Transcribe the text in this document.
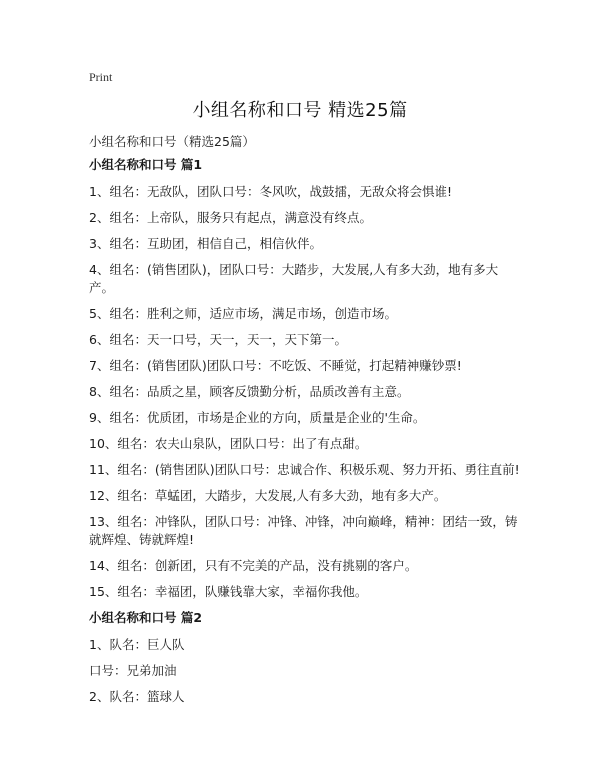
Print
小组名称和口号 精选25篇
小组名称和口号（精选25篇）
小组名称和口号 篇1
1、组名：无敌队，团队口号：冬风吹，战鼓擂，无敌众将会惧谁!
2、组名：上帝队，服务只有起点，满意没有终点。
3、组名：互助团，相信自己，相信伙伴。
4、组名：(销售团队)，团队口号：大踏步，大发展,人有多大劲，地有多大产。
5、组名：胜利之师，适应市场，满足市场，创造市场。
6、组名：天一口号，天一，天一，天下第一。
7、组名：(销售团队)团队口号：不吃饭、不睡觉，打起精神赚钞票!
8、组名：品质之星，顾客反馈勤分析，品质改善有主意。
9、组名：优质团，市场是企业的方向，质量是企业的'生命。
10、组名：农夫山泉队，团队口号：出了有点甜。
11、组名：(销售团队)团队口号：忠诚合作、积极乐观、努力开拓、勇往直前!
12、组名：草蜢团，大踏步，大发展,人有多大劲，地有多大产。
13、组名：冲锋队，团队口号：冲锋、冲锋，冲向巅峰，精神：团结一致，铸就辉煌、铸就辉煌!
14、组名：创新团，只有不完美的产品，没有挑剔的客户。
15、组名：幸福团，队赚钱靠大家，幸福你我他。
小组名称和口号 篇2
1、队名：巨人队
口号：兄弟加油
2、队名：篮球人
